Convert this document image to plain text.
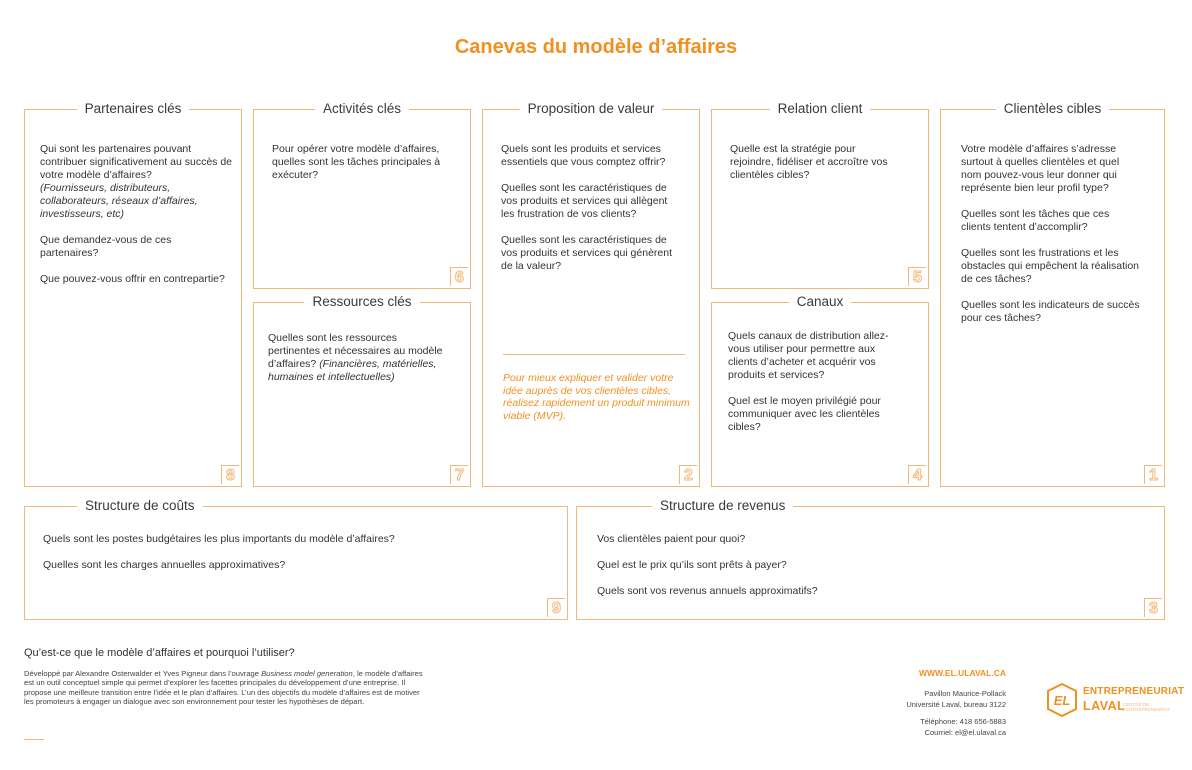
Canevas du modèle d’affaires
Partenaires clés

Qui sont les partenaires pouvant contribuer significativement au succès de votre modèle d’affaires?
(Fournisseurs, distributeurs, collaborateurs, réseaux d’affaires, investisseurs, etc)

Que demandez-vous de ces partenaires?

Que pouvez-vous offrir en contrepartie?

8
Activités clés

Pour opérer votre modèle d’affaires, quelles sont les tâches principales à exécuter?

6
Ressources clés

Quelles sont les ressources pertinentes et nécessaires au modèle d’affaires? (Financières, matérielles, humaines et intellectuelles)

7
Proposition de valeur

Quels sont les produits et services essentiels que vous comptez offrir?

Quelles sont les caractéristiques de vos produits et services qui allègent les frustration de vos clients?

Quelles sont les caractéristiques de vos produits et services qui génèrent de la valeur?

Pour mieux expliquer et valider votre idée auprès de vos clientèles cibles, réalisez rapidement un produit minimum viable (MVP).
2
Relation client

Quelle est la stratégie pour rejoindre, fidéliser et accroître vos clientèles cibles?

5
Canaux

Quels canaux de distribution allez-vous utiliser pour permettre aux clients d’acheter et acquérir vos produits et services?

Quel est le moyen privilégié pour communiquer avec les clientèles cibles?

4
Clientèles cibles

Votre modèle d’affaires s’adresse surtout à quelles clientèles et quel nom pouvez-vous leur donner qui représente bien leur profil type?

Quelles sont les tâches que ces clients tentent d’accomplir?

Quelles sont les frustrations et les obstacles qui empêchent la réalisation de ces tâches?

Quelles sont les indicateurs de succès pour ces tâches?

1
Structure de coûts

Quels sont les postes budgétaires les plus importants du modèle d’affaires?

Quelles sont les charges annuelles approximatives?

9
Structure de revenus

Vos clientèles paient pour quoi?

Quel est le prix qu’ils sont prêts à payer?

Quels sont vos revenus annuels approximatifs?

3
Qu’est-ce que le modèle d’affaires et pourquoi l’utiliser?
Développé par Alexandre Osterwalder et Yves Pigneur dans l’ouvrage Business model generation, le modèle d’affaires est un outil conceptuel simple qui permet d’explorer les facettes principales du développement d’une entreprise. Il propose une meilleure transition entre l’idée et le plan d’affaires. L’un des objectifs du modèle d’affaires est de motiver les promoteurs à engager un dialogue avec son environnement pour tester les hypothèses de départ.
WWW.EL.ULAVAL.CA
Pavillon Maurice-Pollack
Université Laval, bureau 3122
Téléphone: 418 656-5883
Courriel: el@el.ulaval.ca
EL
ENTREPRENEURIAT
LAVAL
CENTRE DE L’ENTREPRENEURIAT
